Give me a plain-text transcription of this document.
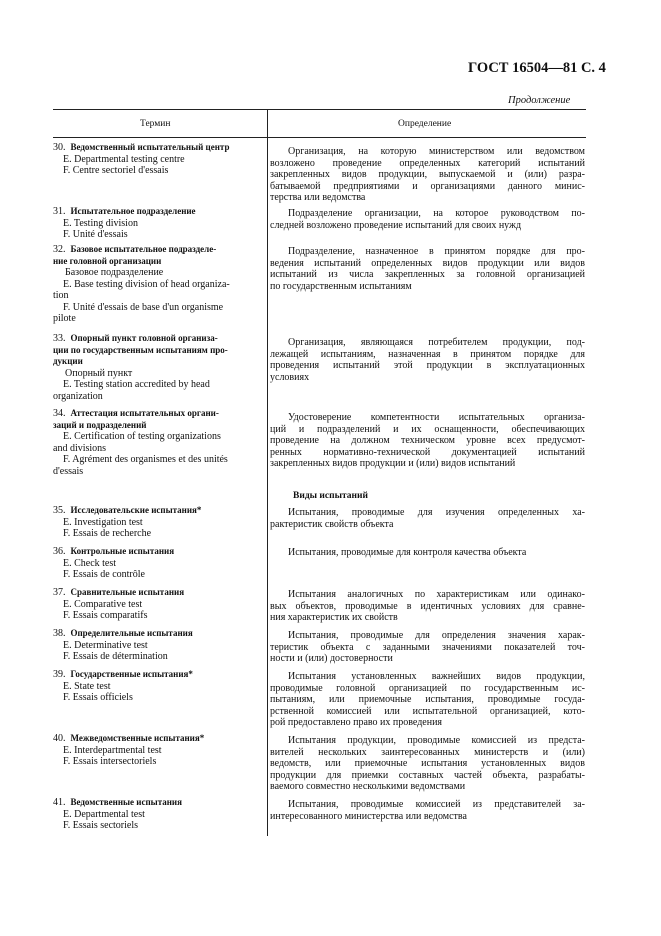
ГОСТ 16504—81 С. 4
Продолжение
Термин	Определение
Виды испытаний
30. Ведомственный испытательный центр
E. Departmental testing centre
F. Centre sectoriel d'essais
Организация, на которую министерством или ведомством
возложено проведение определенных категорий испытаний
закрепленных видов продукции, выпускаемой и (или) разра-
батываемой предприятиями и организациями данного минис-
терства или ведомства
31. Испытательное подразделение
E. Testing division
F. Unité d'essais
Подразделение организации, на которое руководством по-
следней возложено проведение испытаний для своих нужд
32. Базовое испытательное подразделе-
ние головной организации
Базовое подразделение
E. Base testing division of head organiza-
tion
F. Unité d'essais de base d'un organisme
pilote
Подразделение, назначенное в принятом порядке для про-
ведения испытаний определенных видов продукции или видов
испытаний из числа закрепленных за головной организацией
по государственным испытаниям
33. Опорный пункт головной организа-
ции по государственным испытаниям про-
дукции
Опорный пункт
E. Testing station accredited by head
organization
Организация, являющаяся потребителем продукции, под-
лежащей испытаниям, назначенная в принятом порядке для
проведения испытаний этой продукции в эксплуатационных
условиях
34. Аттестация испытательных органи-
заций и подразделений
E. Certification of testing organizations
and divisions
F. Agrément des organismes et des unités
d'essais
Удостоверение компетентности испытательных организа-
ций и подразделений и их оснащенности, обеспечивающих
проведение на должном техническом уровне всех предусмот-
ренных нормативно-технической документацией испытаний
закрепленных видов продукции и (или) видов испытаний
35. Исследовательские испытания*
E. Investigation test
F. Essais de recherche
Испытания, проводимые для изучения определенных ха-
рактеристик свойств объекта
36. Контрольные испытания
E. Check test
F. Essais de contrôle
Испытания, проводимые для контроля качества объекта
37. Сравнительные испытания
E. Comparative test
F. Essais comparatifs
Испытания аналогичных по характеристикам или одинако-
вых объектов, проводимые в идентичных условиях для сравне-
ния характеристик их свойств
38. Определительные испытания
E. Determinative test
F. Essais de détermination
Испытания, проводимые для определения значения харак-
теристик объекта с заданными значениями показателей точ-
ности и (или) достоверности
39. Государственные испытания*
E. State test
F. Essais officiels
Испытания установленных важнейших видов продукции,
проводимые головной организацией по государственным ис-
пытаниям, или приемочные испытания, проводимые госуда-
рственной комиссией или испытательной организацией, кото-
рой предоставлено право их проведения
40. Межведомственные испытания*
E. Interdepartmental test
F. Essais intersectoriels
Испытания продукции, проводимые комиссией из предста-
вителей нескольких заинтересованных министерств и (или)
ведомств, или приемочные испытания установленных видов
продукции для приемки составных частей объекта, разрабаты-
ваемого совместно несколькими ведомствами
41. Ведомственные испытания
E. Departmental test
F. Essais sectoriels
Испытания, проводимые комиссией из представителей за-
интересованного министерства или ведомства
